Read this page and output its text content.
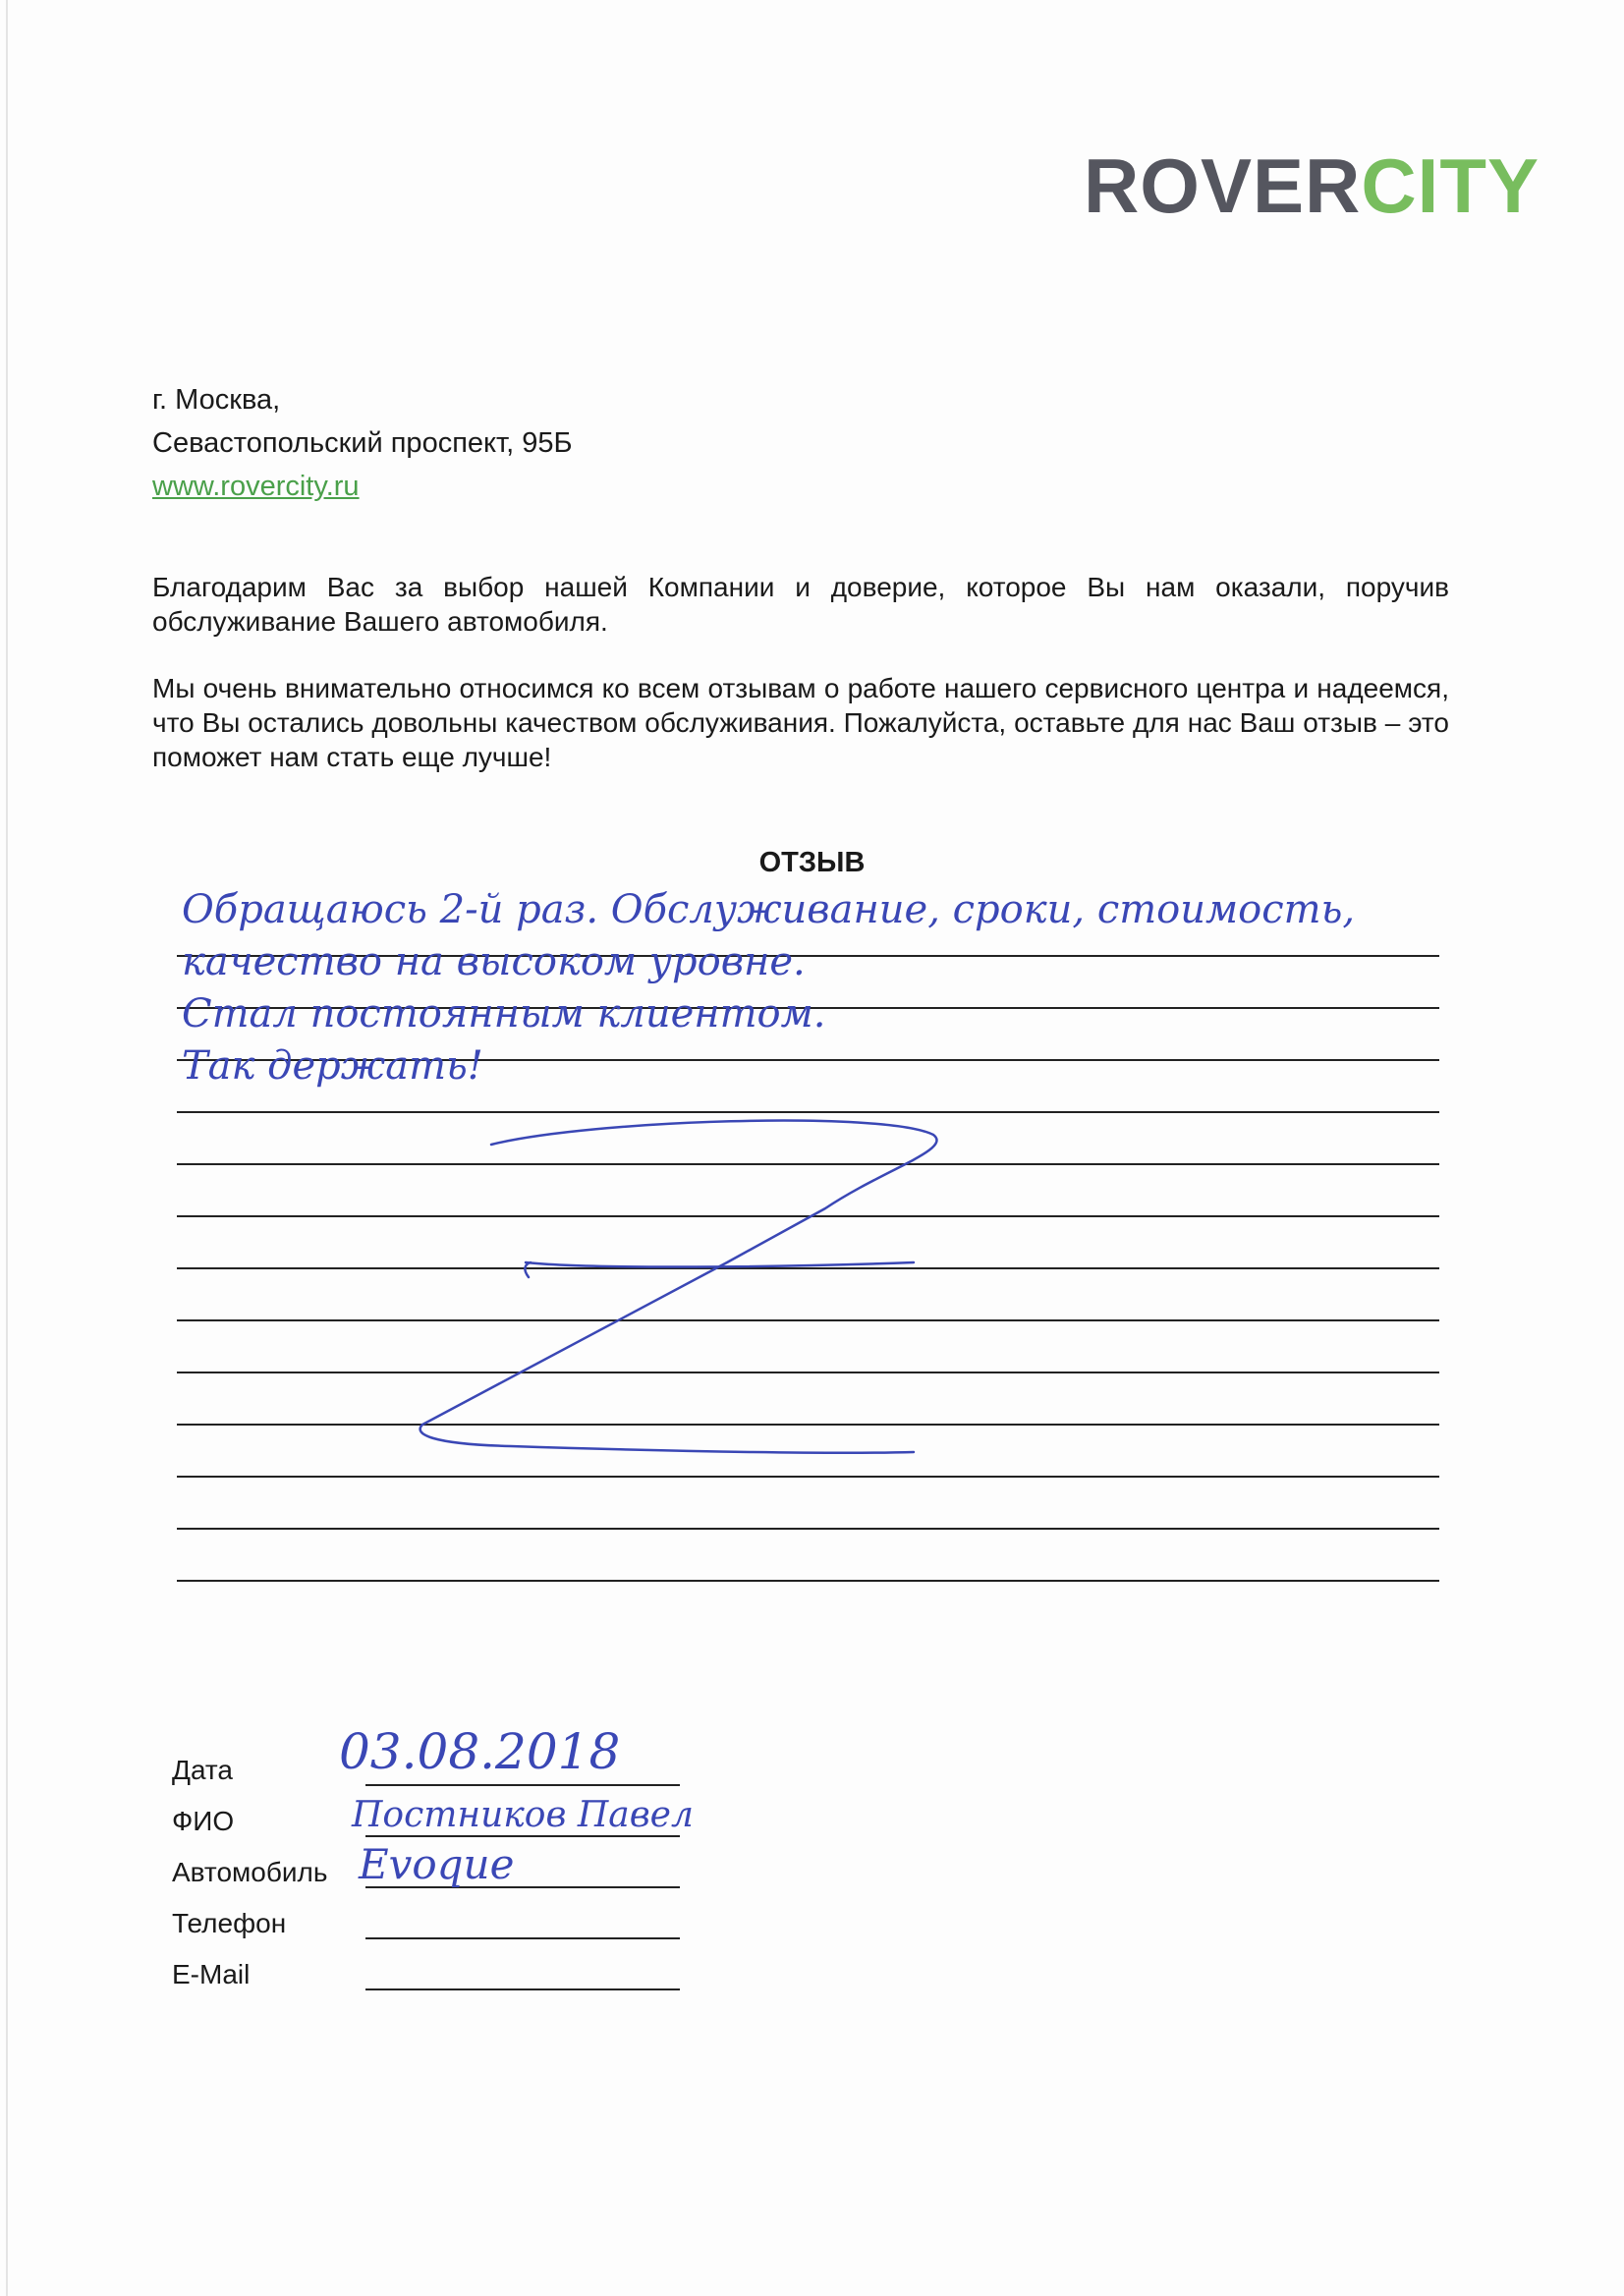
ROVERCITY
г. Москва,
Севастопольский проспект, 95Б
www.rovercity.ru
Благодарим Вас за выбор нашей Компании и доверие, которое Вы нам оказали, поручив обслуживание Вашего автомобиля.
Мы очень внимательно относимся ко всем отзывам о работе нашего сервисного центра и надеемся, что Вы остались довольны качеством обслуживания. Пожалуйста, оставьте для нас Ваш отзыв – это поможет нам стать еще лучше!
ОТЗЫВ
Обращаюсь 2-й раз. Обслуживание, сроки, стоимость,
качество на высоком уровне.
Стал постоянным клиентом.
Так держать!
Дата 03.08.2018
ФИО	Постников Павел
Автомобиль Evoque
Телефон
E-Mail
